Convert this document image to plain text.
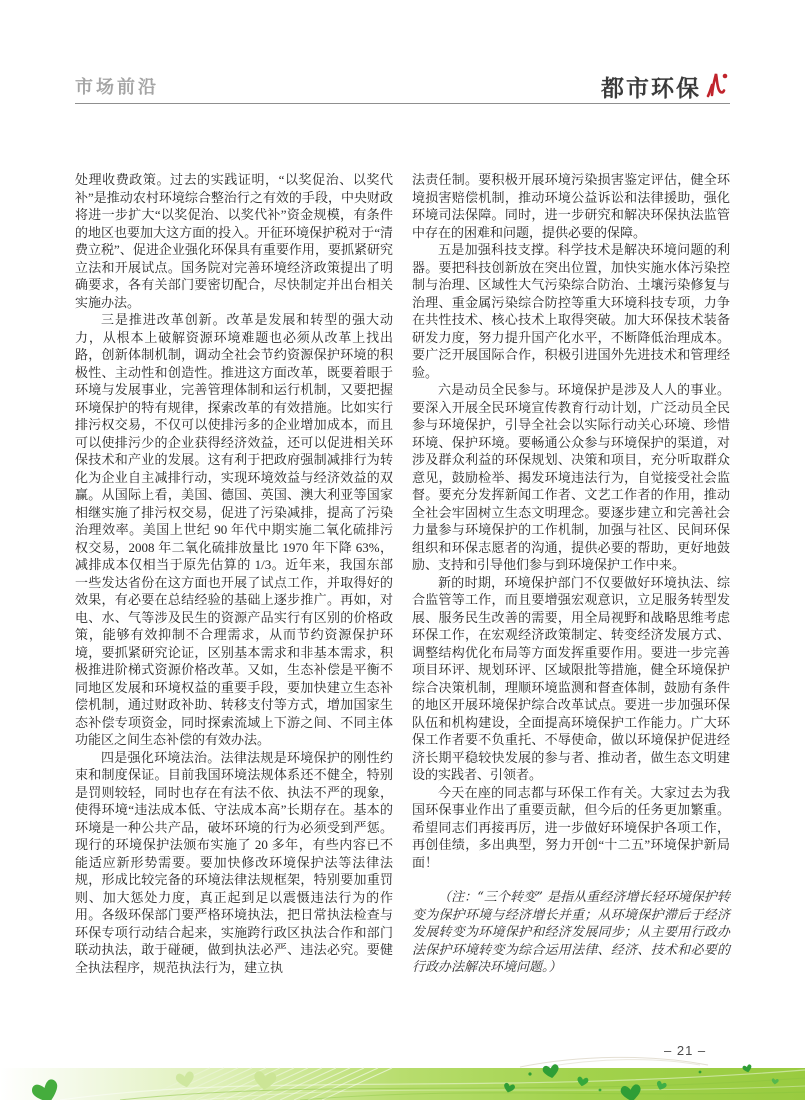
市场前沿	都市环保

处理收费政策。过去的实践证明，“以奖促治、以奖代补”是推动农村环境综合整治行之有效的手段，中央财政将进一步扩大“以奖促治、以奖代补”资金规模，有条件的地区也要加大这方面的投入。开征环境保护税对于“清费立税”、促进企业强化环保具有重要作用，要抓紧研究立法和开展试点。国务院对完善环境经济政策提出了明确要求，各有关部门要密切配合，尽快制定并出台相关实施办法。

三是推进改革创新。改革是发展和转型的强大动力，从根本上破解资源环境难题也必须从改革上找出路，创新体制机制，调动全社会节约资源保护环境的积极性、主动性和创造性。推进这方面改革，既要着眼于环境与发展事业，完善管理体制和运行机制，又要把握环境保护的特有规律，探索改革的有效措施。比如实行排污权交易，不仅可以使排污多的企业增加成本，而且可以使排污少的企业获得经济效益，还可以促进相关环保技术和产业的发展。这有利于把政府强制减排行为转化为企业自主减排行动，实现环境效益与经济效益的双赢。从国际上看，美国、德国、英国、澳大利亚等国家相继实施了排污权交易，促进了污染减排，提高了污染治理效率。美国上世纪 90 年代中期实施二氧化硫排污权交易，2008 年二氧化硫排放量比 1970 年下降 63%，减排成本仅相当于原先估算的 1/3。近年来，我国东部一些发达省份在这方面也开展了试点工作，并取得好的效果，有必要在总结经验的基础上逐步推广。再如，对电、水、气等涉及民生的资源产品实行有区别的价格政策，能够有效抑制不合理需求，从而节约资源保护环境，要抓紧研究论证，区别基本需求和非基本需求，积极推进阶梯式资源价格改革。又如，生态补偿是平衡不同地区发展和环境权益的重要手段，要加快建立生态补偿机制，通过财政补助、转移支付等方式，增加国家生态补偿专项资金，同时探索流域上下游之间、不同主体功能区之间生态补偿的有效办法。

四是强化环境法治。法律法规是环境保护的刚性约束和制度保证。目前我国环境法规体系还不健全，特别是罚则较轻，同时也存在有法不依、执法不严的现象，使得环境“违法成本低、守法成本高”长期存在。基本的环境是一种公共产品，破坏环境的行为必须受到严惩。现行的环境保护法颁布实施了 20 多年，有些内容已不能适应新形势需要。要加快修改环境保护法等法律法规，形成比较完备的环境法律法规框架，特别要加重罚则、加大惩处力度，真正起到足以震慑违法行为的作用。各级环保部门要严格环境执法，把日常执法检查与环保专项行动结合起来，实施跨行政区执法合作和部门联动执法，敢于碰硬，做到执法必严、违法必究。要健全执法程序，规范执法行为，建立执

法责任制。要积极开展环境污染损害鉴定评估，健全环境损害赔偿机制，推动环境公益诉讼和法律援助，强化环境司法保障。同时，进一步研究和解决环保执法监管中存在的困难和问题，提供必要的保障。

五是加强科技支撑。科学技术是解决环境问题的利器。要把科技创新放在突出位置，加快实施水体污染控制与治理、区域性大气污染综合防治、土壤污染修复与治理、重金属污染综合防控等重大环境科技专项，力争在共性技术、核心技术上取得突破。加大环保技术装备研发力度，努力提升国产化水平，不断降低治理成本。要广泛开展国际合作，积极引进国外先进技术和管理经验。

六是动员全民参与。环境保护是涉及人人的事业。要深入开展全民环境宣传教育行动计划，广泛动员全民参与环境保护，引导全社会以实际行动关心环境、珍惜环境、保护环境。要畅通公众参与环境保护的渠道，对涉及群众利益的环保规划、决策和项目，充分听取群众意见，鼓励检举、揭发环境违法行为，自觉接受社会监督。要充分发挥新闻工作者、文艺工作者的作用，推动全社会牢固树立生态文明理念。要逐步建立和完善社会力量参与环境保护的工作机制，加强与社区、民间环保组织和环保志愿者的沟通，提供必要的帮助，更好地鼓励、支持和引导他们参与到环境保护工作中来。

新的时期，环境保护部门不仅要做好环境执法、综合监管等工作，而且要增强宏观意识，立足服务转型发展、服务民生改善的需要，用全局视野和战略思维考虑环保工作，在宏观经济政策制定、转变经济发展方式、调整结构优化布局等方面发挥重要作用。要进一步完善项目环评、规划环评、区域限批等措施，健全环境保护综合决策机制，理顺环境监测和督查体制，鼓励有条件的地区开展环境保护综合改革试点。要进一步加强环保队伍和机构建设，全面提高环境保护工作能力。广大环保工作者要不负重托、不辱使命，做以环境保护促进经济长期平稳较快发展的参与者、推动者，做生态文明建设的实践者、引领者。

今天在座的同志都与环保工作有关。大家过去为我国环保事业作出了重要贡献，但今后的任务更加繁重。希望同志们再接再厉，进一步做好环境保护各项工作，再创佳绩，多出典型，努力开创“十二五”环境保护新局面！

（注：“三个转变” 是指从重经济增长轻环境保护转变为保护环境与经济增长并重；从环境保护滞后于经济发展转变为环境保护和经济发展同步；从主要用行政办法保护环境转变为综合运用法律、经济、技术和必要的行政办法解决环境问题。）

– 21 –
